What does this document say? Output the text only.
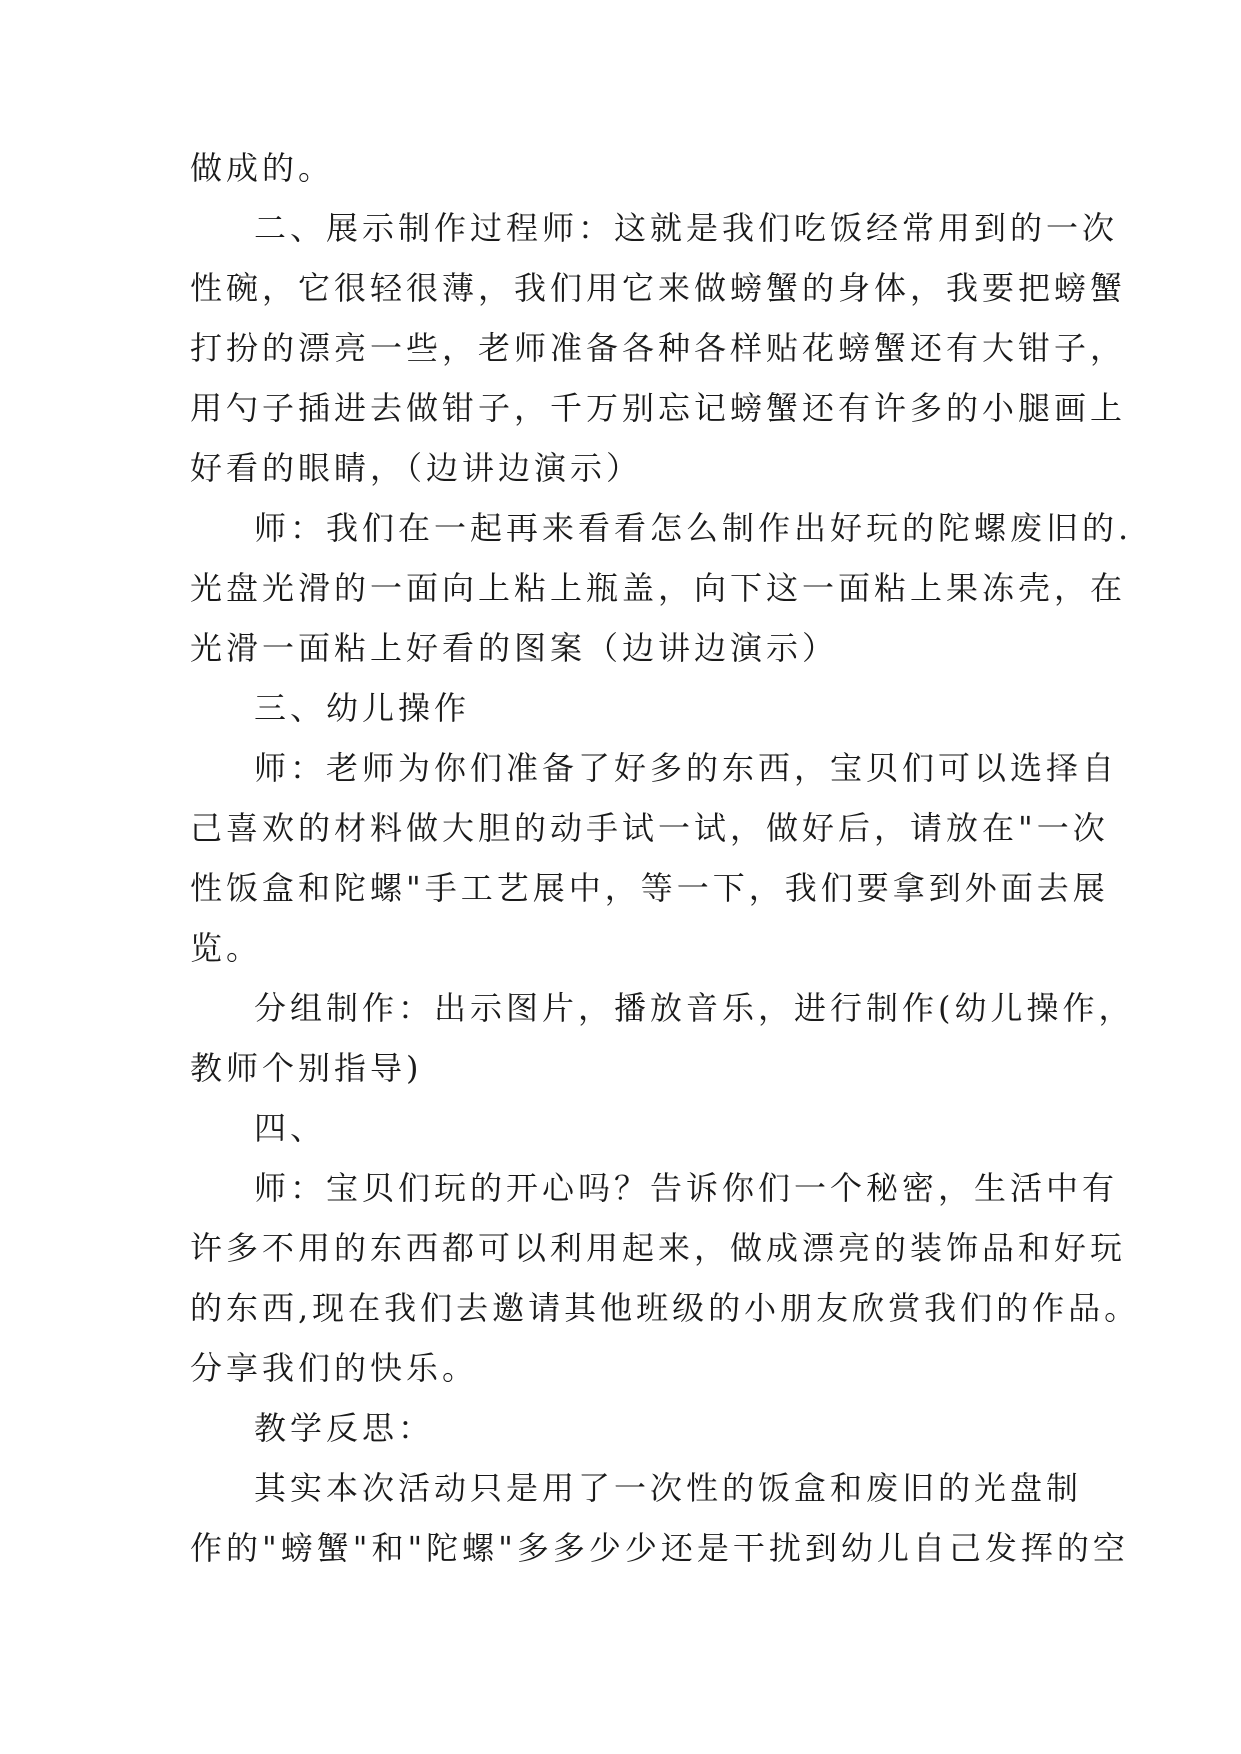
做成的。
二、展示制作过程师：这就是我们吃饭经常用到的一次
性碗，它很轻很薄，我们用它来做螃蟹的身体，我要把螃蟹
打扮的漂亮一些，老师准备各种各样贴花螃蟹还有大钳子，
用勺子插进去做钳子，千万别忘记螃蟹还有许多的小腿画上
好看的眼睛，（边讲边演示）
师：我们在一起再来看看怎么制作出好玩的陀螺废旧的.
光盘光滑的一面向上粘上瓶盖，向下这一面粘上果冻壳，在
光滑一面粘上好看的图案（边讲边演示）
三、幼儿操作
师：老师为你们准备了好多的东西，宝贝们可以选择自
己喜欢的材料做大胆的动手试一试，做好后，请放在"一次
性饭盒和陀螺"手工艺展中，等一下，我们要拿到外面去展
览。
分组制作：出示图片，播放音乐，进行制作(幼儿操作，
教师个别指导)
四、
师：宝贝们玩的开心吗？告诉你们一个秘密，生活中有
许多不用的东西都可以利用起来，做成漂亮的装饰品和好玩
的东西,现在我们去邀请其他班级的小朋友欣赏我们的作品。
分享我们的快乐。
教学反思：
其实本次活动只是用了一次性的饭盒和废旧的光盘制
作的"螃蟹"和"陀螺"多多少少还是干扰到幼儿自己发挥的空
